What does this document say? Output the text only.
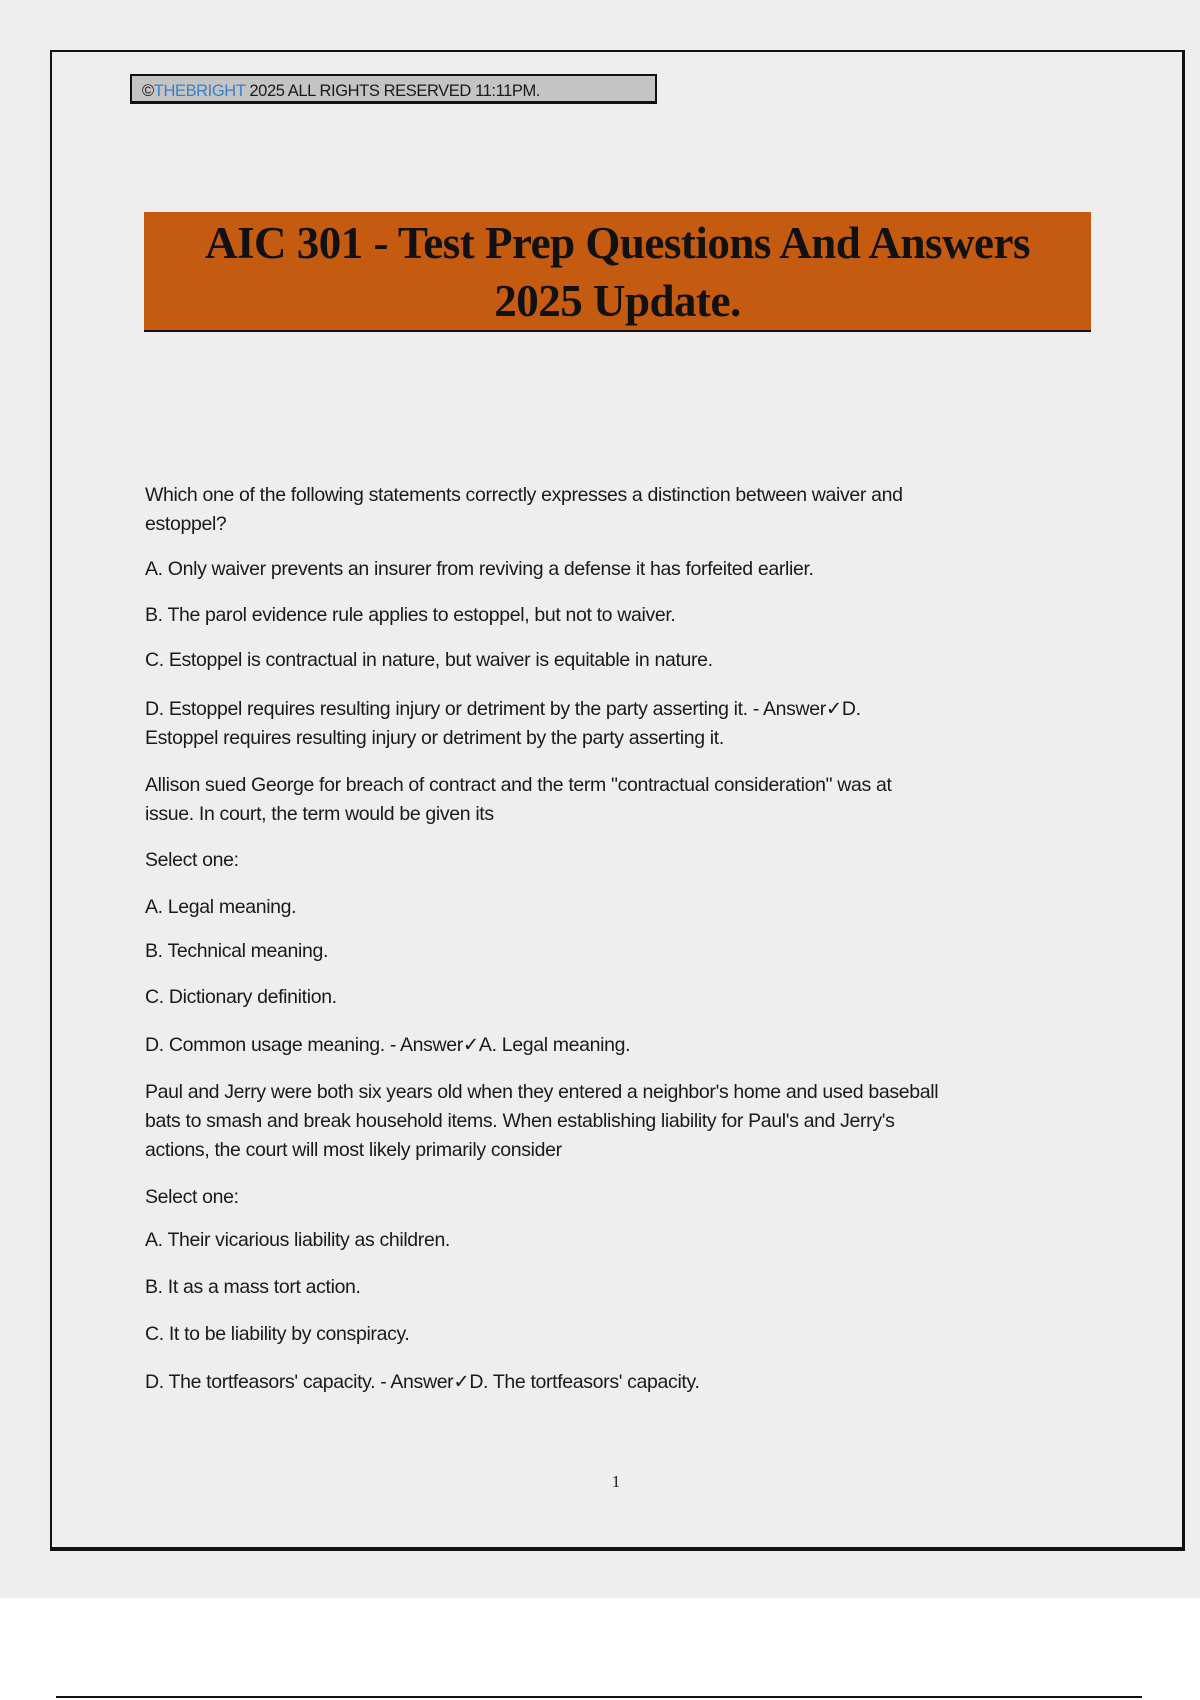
©THEBRIGHT 2025 ALL RIGHTS RESERVED 11:11PM.
AIC 301 - Test Prep Questions And Answers
2025 Update.
Which one of the following statements correctly expresses a distinction between waiver and
estoppel?
A. Only waiver prevents an insurer from reviving a defense it has forfeited earlier.
B. The parol evidence rule applies to estoppel, but not to waiver.
C. Estoppel is contractual in nature, but waiver is equitable in nature.
D. Estoppel requires resulting injury or detriment by the party asserting it. - Answer✓D.
Estoppel requires resulting injury or detriment by the party asserting it.
Allison sued George for breach of contract and the term "contractual consideration" was at
issue. In court, the term would be given its
Select one:
A. Legal meaning.
B. Technical meaning.
C. Dictionary definition.
D. Common usage meaning. - Answer✓A. Legal meaning.
Paul and Jerry were both six years old when they entered a neighbor's home and used baseball
bats to smash and break household items. When establishing liability for Paul's and Jerry's
actions, the court will most likely primarily consider
Select one:
A. Their vicarious liability as children.
B. It as a mass tort action.
C. It to be liability by conspiracy.
D. The tortfeasors' capacity. - Answer✓D. The tortfeasors' capacity.
1
